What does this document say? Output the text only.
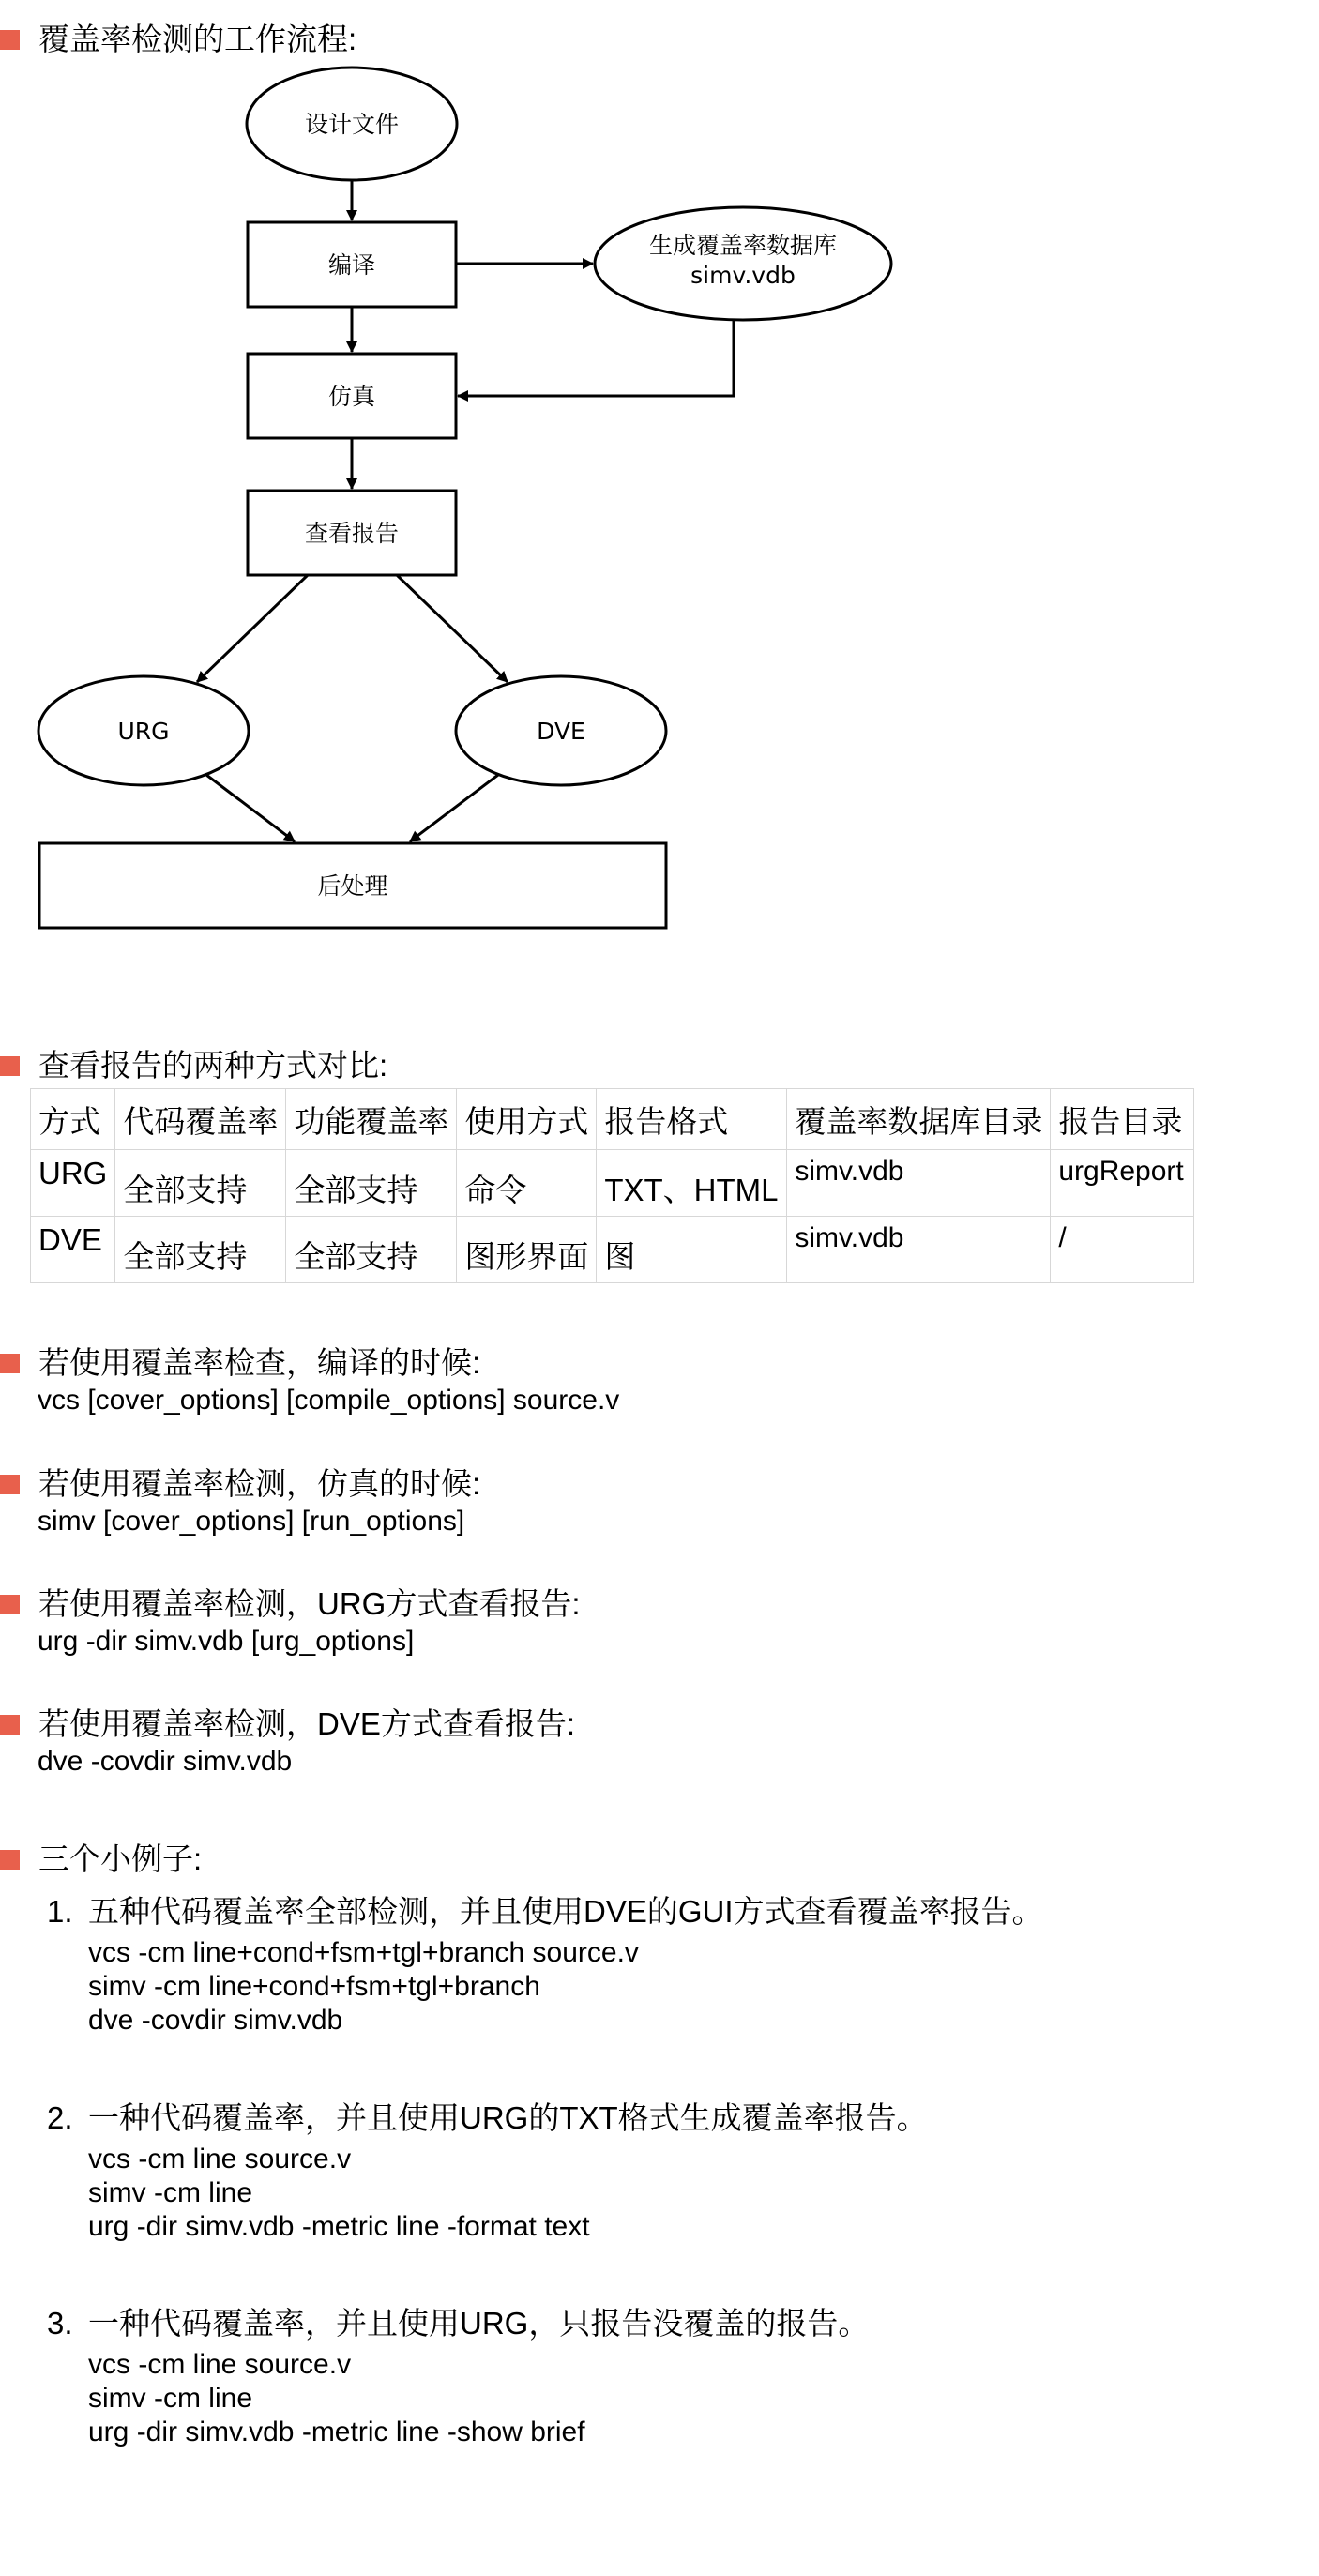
覆盖率检测的工作流程:
设计文件
编译
生成覆盖率数据库
simv.vdb
仿真
查看报告
URG	DVE
后处理
查看报告的两种方式对比:
方式	代码覆盖率	功能覆盖率	使用方式	报告格式	覆盖率数据库目录	报告目录
URG	全部支持	全部支持	命令	TXT、HTML	simv.vdb	urgReport
DVE	全部支持	全部支持	图形界面	图	simv.vdb	/
若使用覆盖率检查，编译的时候:
vcs [cover_options] [compile_options] source.v
若使用覆盖率检测，仿真的时候:
simv [cover_options] [run_options]
若使用覆盖率检测，URG方式查看报告:
urg -dir simv.vdb [urg_options]
若使用覆盖率检测，DVE方式查看报告:
dve -covdir simv.vdb
三个小例子:
1. 五种代码覆盖率全部检测，并且使用DVE的GUI方式查看覆盖率报告。
vcs -cm line+cond+fsm+tgl+branch source.v
simv -cm line+cond+fsm+tgl+branch
dve -covdir simv.vdb
2. 一种代码覆盖率，并且使用URG的TXT格式生成覆盖率报告。
vcs -cm line source.v
simv -cm line
urg -dir simv.vdb -metric line -format text
3. 一种代码覆盖率，并且使用URG，只报告没覆盖的报告。
vcs -cm line source.v
simv -cm line
urg -dir simv.vdb -metric line -show brief
